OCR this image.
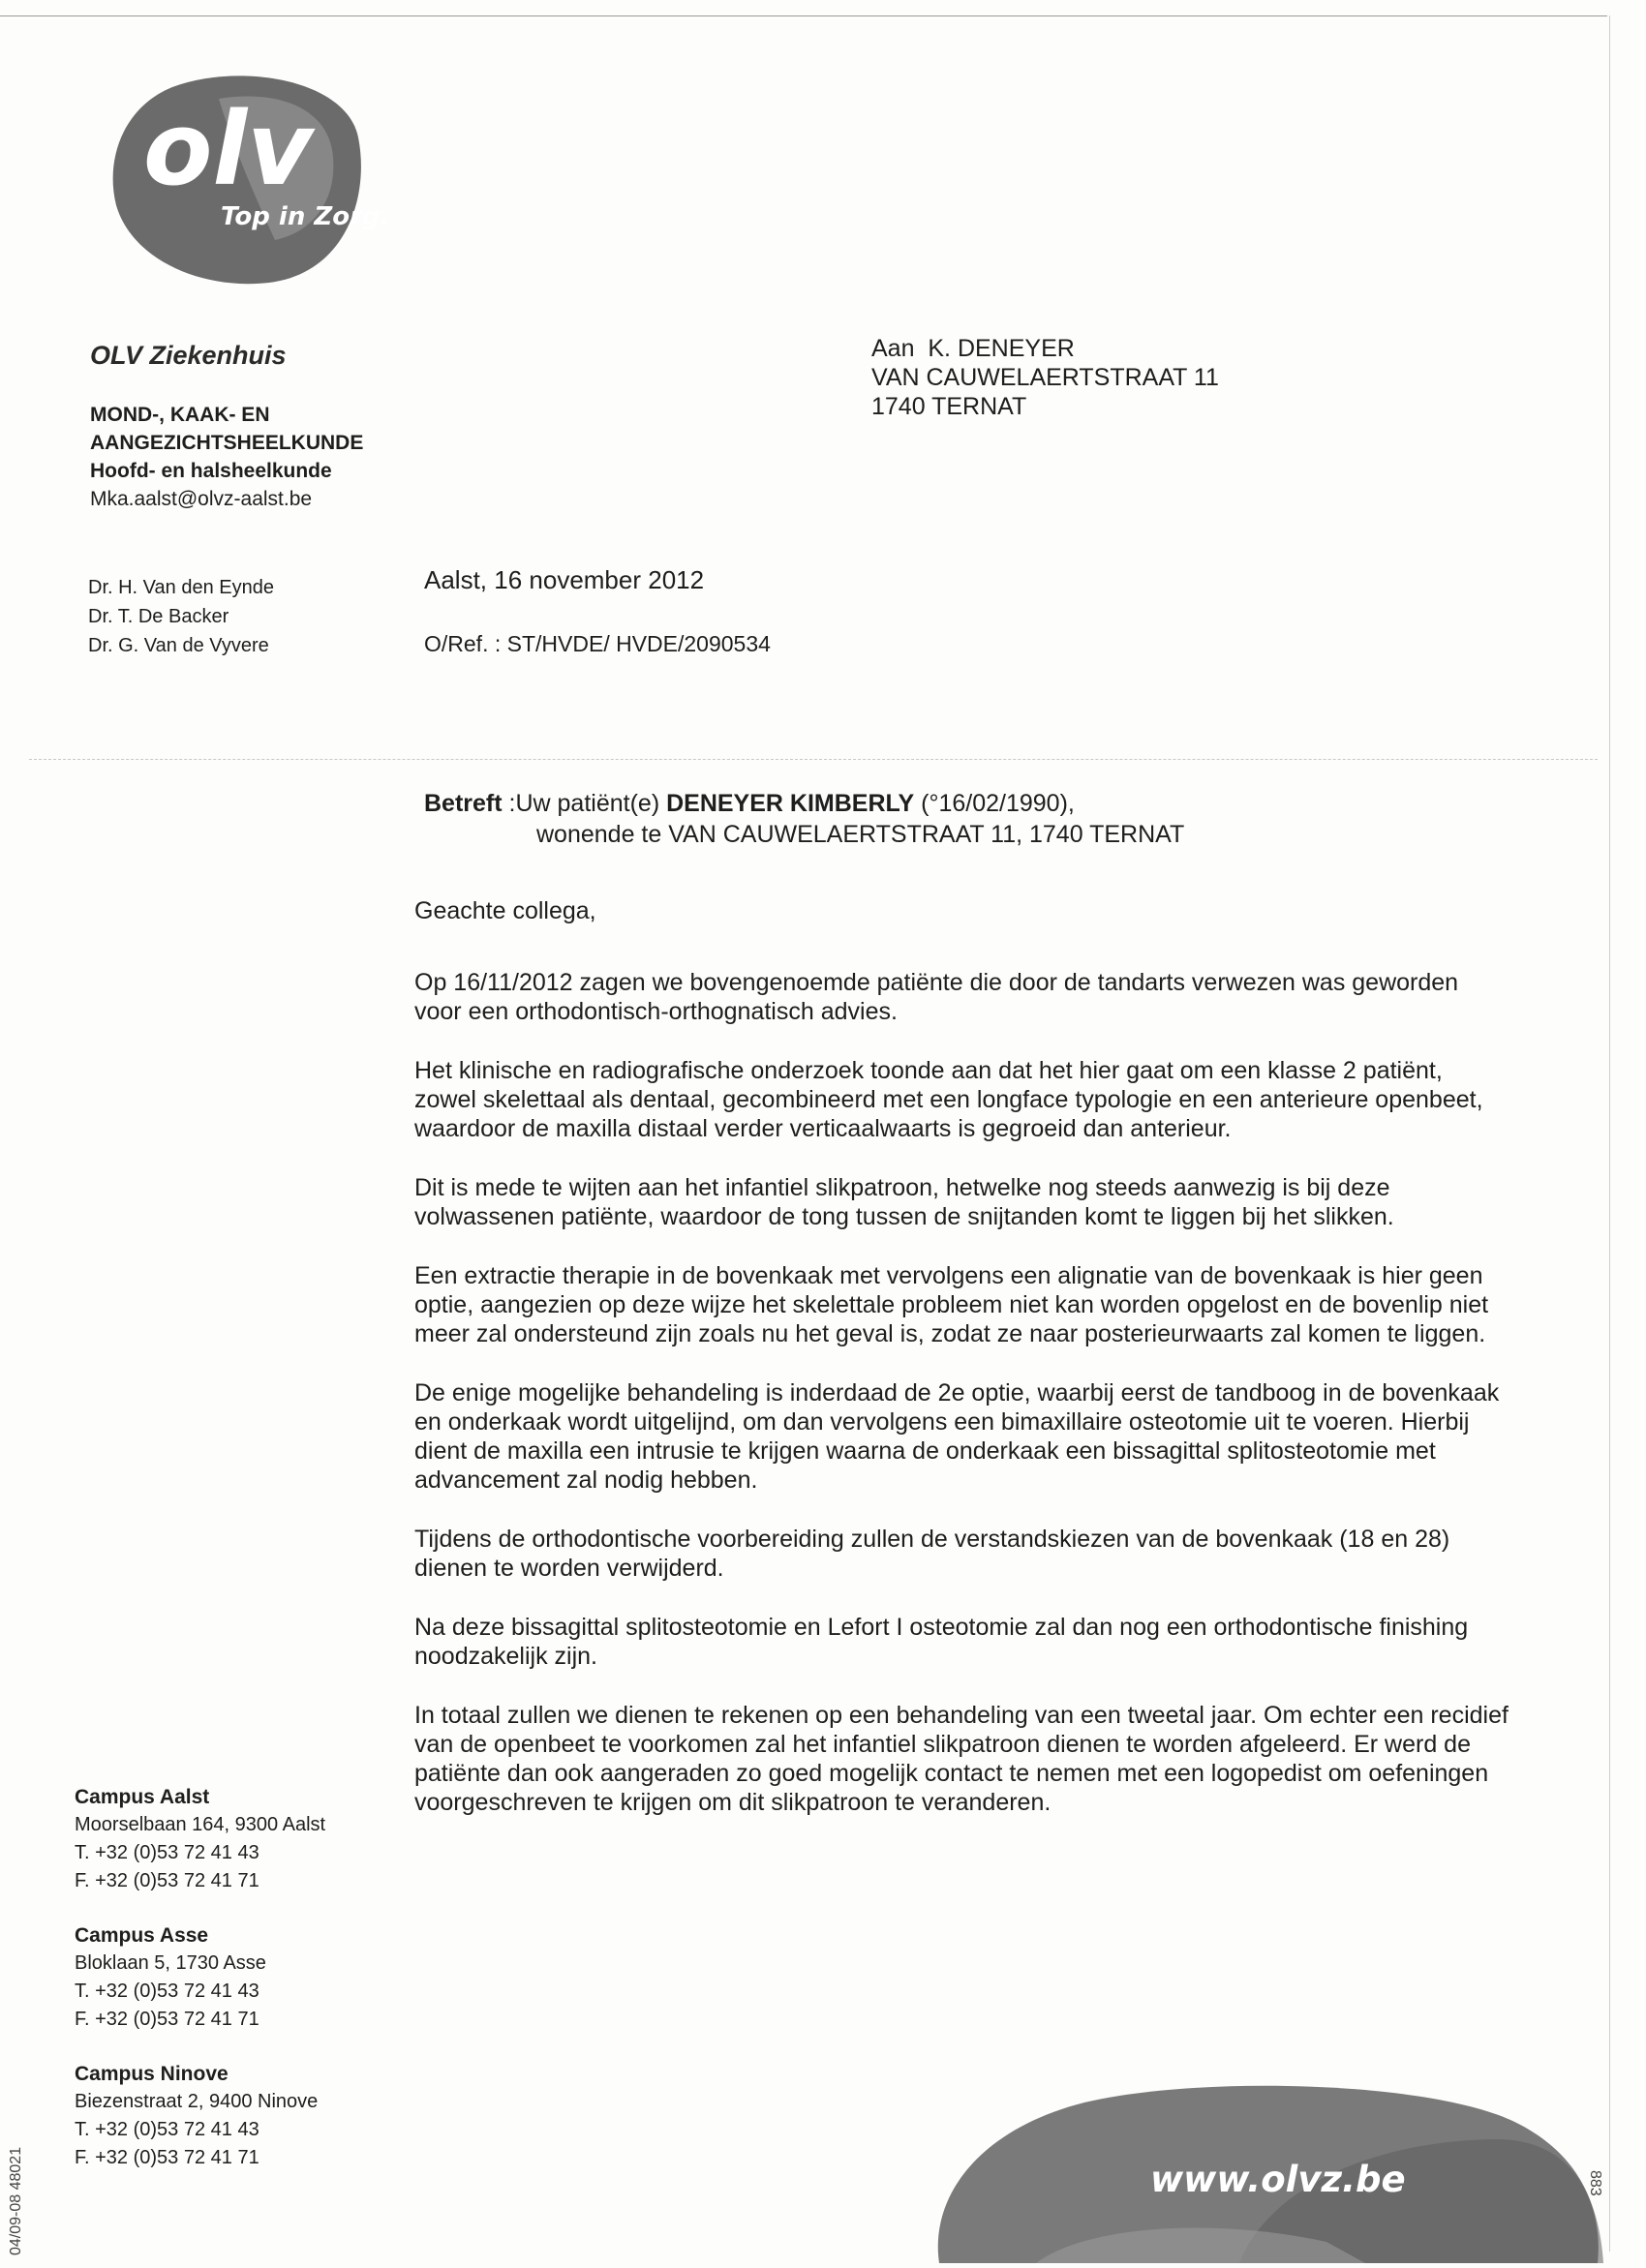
olv
Top in Zorg.
OLV Ziekenhuis
MOND-, KAAK- EN
AANGEZICHTSHEELKUNDE
Hoofd- en halsheelkunde
Mka.aalst@olvz-aalst.be
Dr. H. Van den Eynde
Dr. T. De Backer
Dr. G. Van de Vyvere
Aan  K. DENEYER
VAN CAUWELAERTSTRAAT 11
1740 TERNAT
Aalst, 16 november 2012
O/Ref. : ST/HVDE/ HVDE/2090534
Betreft :Uw patiënt(e) DENEYER KIMBERLY (°16/02/1990),
wonende te VAN CAUWELAERTSTRAAT 11, 1740 TERNAT

Geachte collega,

Op 16/11/2012 zagen we bovengenoemde patiënte die door de tandarts verwezen was geworden voor een orthodontisch-orthognatisch advies.

Het klinische en radiografische onderzoek toonde aan dat het hier gaat om een klasse 2 patiënt, zowel skelettaal als dentaal, gecombineerd met een longface typologie en een anterieure openbeet, waardoor de maxilla distaal verder verticaalwaarts is gegroeid dan anterieur.

Dit is mede te wijten aan het infantiel slikpatroon, hetwelke nog steeds aanwezig is bij deze volwassenen patiënte, waardoor de tong tussen de snijtanden komt te liggen bij het slikken.

Een extractie therapie in de bovenkaak met vervolgens een alignatie van de bovenkaak is hier geen optie, aangezien op deze wijze het skelettale probleem niet kan worden opgelost en de bovenlip niet meer zal ondersteund zijn zoals nu het geval is, zodat ze naar posterieurwaarts zal komen te liggen.

De enige mogelijke behandeling is inderdaad de 2e optie, waarbij eerst de tandboog in de bovenkaak en onderkaak wordt uitgelijnd, om dan vervolgens een bimaxillaire osteotomie uit te voeren. Hierbij dient de maxilla een intrusie te krijgen waarna de onderkaak een bissagittal splitosteotomie met advancement zal nodig hebben.

Tijdens de orthodontische voorbereiding zullen de verstandskiezen van de bovenkaak (18 en 28) dienen te worden verwijderd.

Na deze bissagittal splitosteotomie en Lefort I osteotomie zal dan nog een orthodontische finishing noodzakelijk zijn.

In totaal zullen we dienen te rekenen op een behandeling van een tweetal jaar. Om echter een recidief van de openbeet te voorkomen zal het infantiel slikpatroon dienen te worden afgeleerd. Er werd de patiënte dan ook aangeraden zo goed mogelijk contact te nemen met een logopedist om oefeningen voorgeschreven te krijgen om dit slikpatroon te veranderen.

Campus Aalst
Moorselbaan 164, 9300 Aalst
T. +32 (0)53 72 41 43
F. +32 (0)53 72 41 71
Campus Asse
Bloklaan 5, 1730 Asse
T. +32 (0)53 72 41 43
F. +32 (0)53 72 41 71
Campus Ninove
Biezenstraat 2, 9400 Ninove
T. +32 (0)53 72 41 43
F. +32 (0)53 72 41 71
www.olvz.be
04/09-08 48021	883
